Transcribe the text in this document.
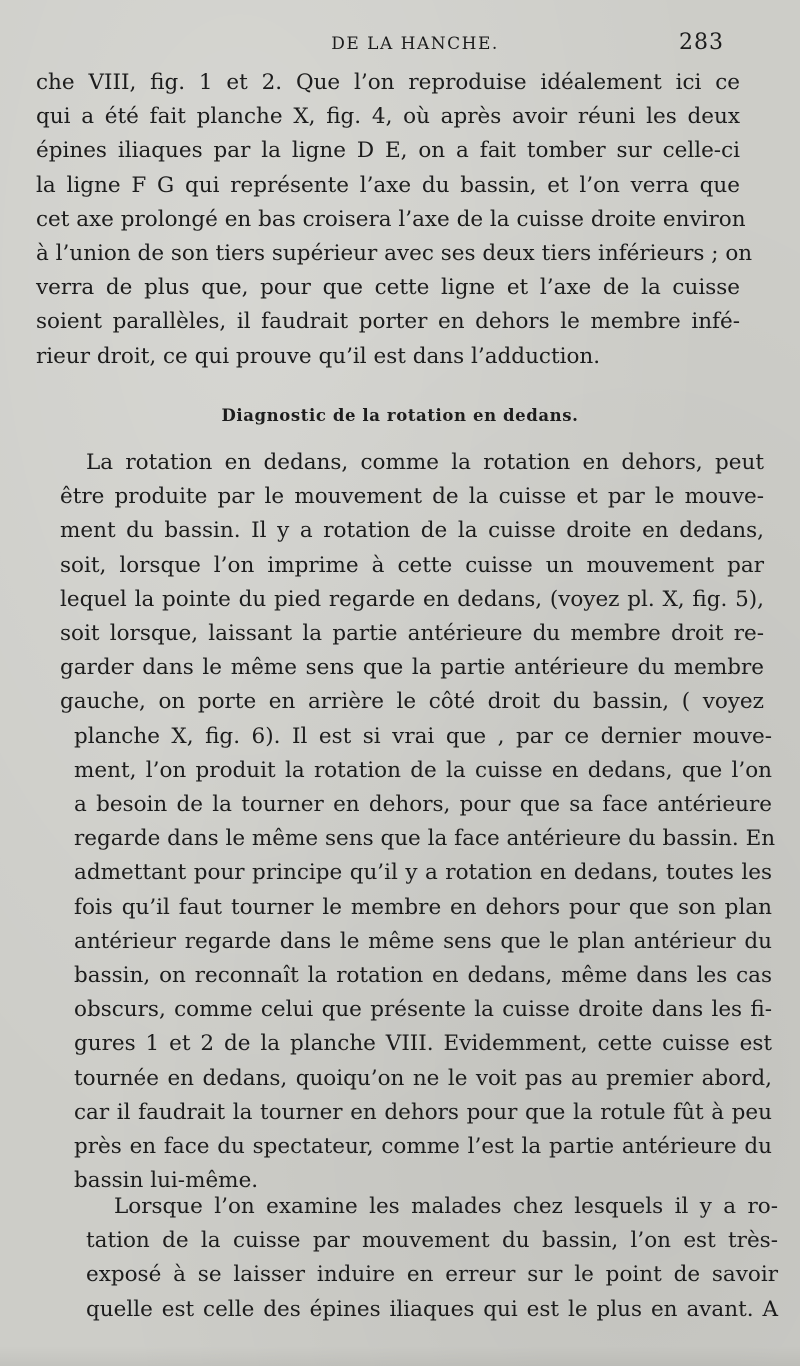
DE LA HANCHE.	283

che VIII, fig. 1 et 2. Que l’on reproduise idéalement ici ce
qui a été fait planche X, fig. 4, où après avoir réuni les deux
épines iliaques par la ligne D E, on a fait tomber sur celle-ci
la ligne F G qui représente l’axe du bassin, et l’on verra que
cet axe prolongé en bas croisera l’axe de la cuisse droite environ
à l’union de son tiers supérieur avec ses deux tiers inférieurs ; on
verra de plus que, pour que cette ligne et l’axe de la cuisse
soient parallèles, il faudrait porter en dehors le membre infé-
rieur droit, ce qui prouve qu’il est dans l’adduction.

Diagnostic de la rotation en dedans.

La rotation en dedans, comme la rotation en dehors, peut
être produite par le mouvement de la cuisse et par le mouve-
ment du bassin. Il y a rotation de la cuisse droite en dedans,
soit, lorsque l’on imprime à cette cuisse un mouvement par
lequel la pointe du pied regarde en dedans, (voyez pl. X, fig. 5),
soit lorsque, laissant la partie antérieure du membre droit re-
garder dans le même sens que la partie antérieure du membre
gauche, on porte en arrière le côté droit du bassin, ( voyez
planche X, fig. 6). Il est si vrai que , par ce dernier mouve-
ment, l’on produit la rotation de la cuisse en dedans, que l’on
a besoin de la tourner en dehors, pour que sa face antérieure
regarde dans le même sens que la face antérieure du bassin. En
admettant pour principe qu’il y a rotation en dedans, toutes les
fois qu’il faut tourner le membre en dehors pour que son plan
antérieur regarde dans le même sens que le plan antérieur du
bassin, on reconnaît la rotation en dedans, même dans les cas
obscurs, comme celui que présente la cuisse droite dans les fi-
gures 1 et 2 de la planche VIII. Evidemment, cette cuisse est
tournée en dedans, quoiqu’on ne le voit pas au premier abord,
car il faudrait la tourner en dehors pour que la rotule fût à peu
près en face du spectateur, comme l’est la partie antérieure du
bassin lui-même.

Lorsque l’on examine les malades chez lesquels il y a ro-
tation de la cuisse par mouvement du bassin, l’on est très-
exposé à se laisser induire en erreur sur le point de savoir
quelle est celle des épines iliaques qui est le plus en avant. A
